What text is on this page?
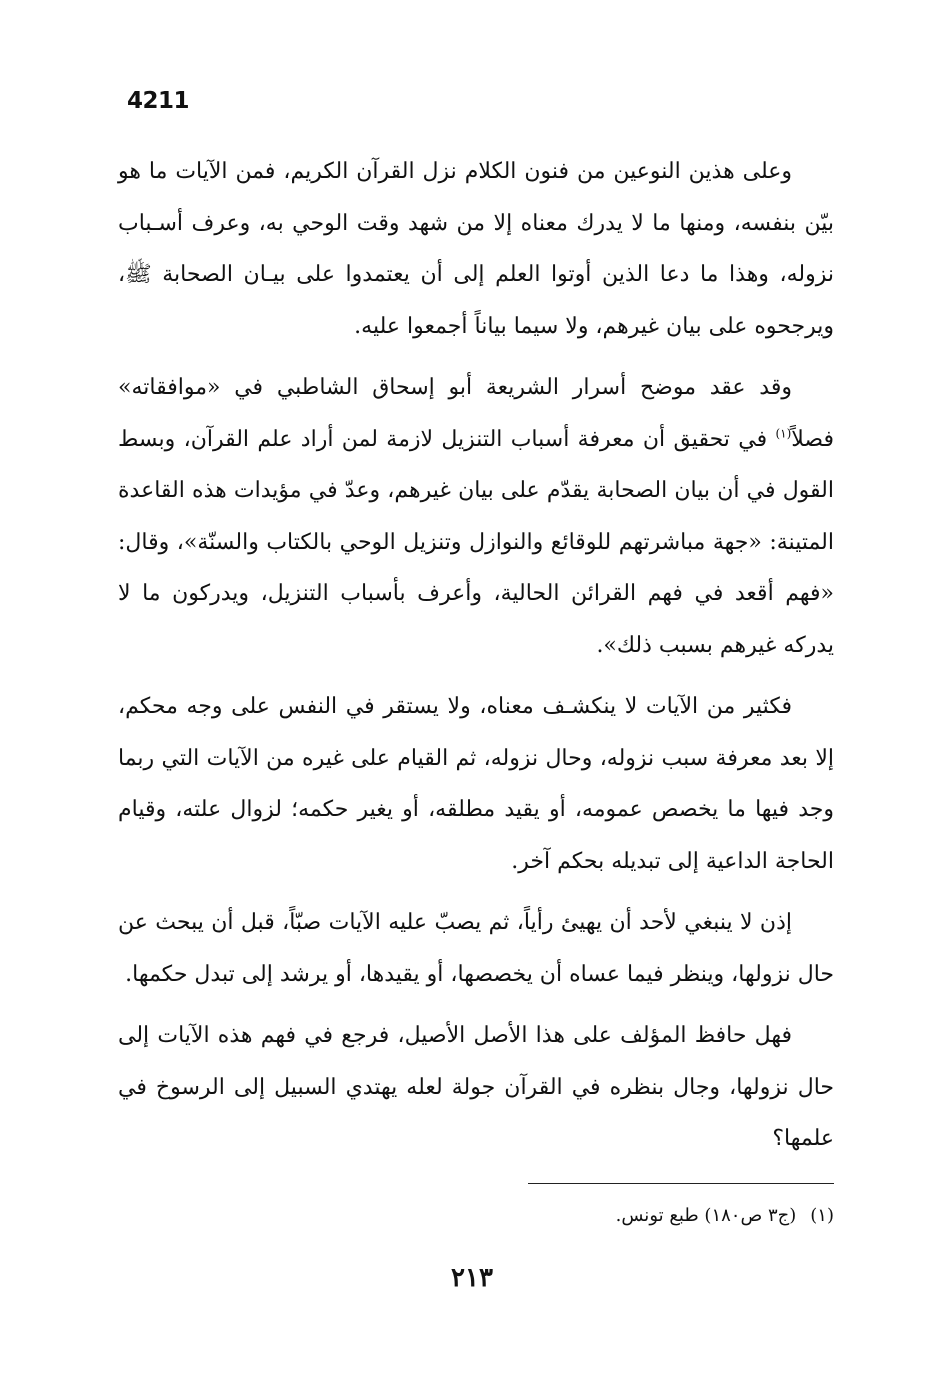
4211

وعلى هذين النوعين من فنون الكلام نزل القرآن الكريم، فمن الآيات ما هو بيّن بنفسه، ومنها ما لا يدرك معناه إلا من شهد وقت الوحي به، وعرف أسـباب نزوله، وهذا ما دعا الذين أوتوا العلم إلى أن يعتمدوا على بيـان الصحابة ﷺ، ويرجحوه على بيان غيرهم، ولا سيما بياناً أجمعوا عليه.

وقد عقد موضح أسرار الشريعة أبو إسحاق الشاطبي في «موافقاته» فصلاً$^{(١)}$ في تحقيق أن معرفة أسباب التنزيل لازمة لمن أراد علم القرآن، وبسط القول في أن بيان الصحابة يقدّم على بيان غيرهم، وعدّ في مؤيدات هذه القاعدة المتينة: «جهة مباشرتهم للوقائع والنوازل وتنزيل الوحي بالكتاب والسنّة»، وقال: «فهم أقعد في فهم القرائن الحالية، وأعرف بأسباب التنزيل، ويدركون ما لا يدركه غيرهم بسبب ذلك».

فكثير من الآيات لا ينكشـف معناه، ولا يستقر في النفس على وجه محكم، إلا بعد معرفة سبب نزوله، وحال نزوله، ثم القيام على غيره من الآيات التي ربما وجد فيها ما يخصص عمومه، أو يقيد مطلقه، أو يغير حكمه؛ لزوال علته، وقيام الحاجة الداعية إلى تبديله بحكم آخر.

إذن لا ينبغي لأحد أن يهيئ رأياً، ثم يصبّ عليه الآيات صبّاً، قبل أن يبحث عن حال نزولها، وينظر فيما عساه أن يخصصها، أو يقيدها، أو يرشد إلى تبدل حكمها.

فهل حافظ المؤلف على هذا الأصل الأصيل، فرجع في فهم هذه الآيات إلى حال نزولها، وجال بنظره في القرآن جولة لعله يهتدي السبيل إلى الرسوخ في علمها؟

(١)(ج٣ ص١٨٠) طبع تونس.
٢١٣
